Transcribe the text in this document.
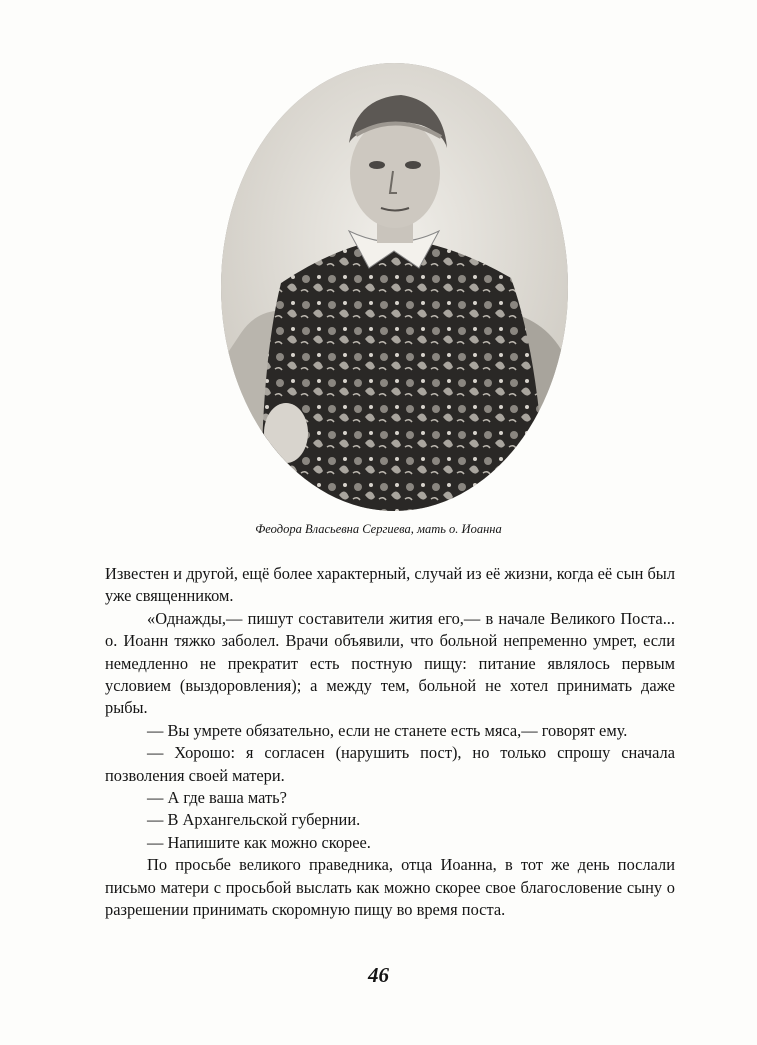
Феодора Власьевна Сергиева, мать о. Иоанна

Известен и другой, ещё более характерный, случай из её жизни, когда её сын был уже священником.

«Однажды,— пишут составители жития его,— в начале Великого Поста... о. Иоанн тяжко заболел. Врачи объявили, что больной непременно умрет, если немедленно не прекратит есть постную пищу: питание являлось первым условием (выздоровления); а между тем, больной не хотел принимать даже рыбы.

— Вы умрете обязательно, если не станете есть мяса,— говорят ему.

— Хорошо: я согласен (нарушить пост), но только спрошу сначала позволения своей матери.

— А где ваша мать?

— В Архангельской губернии.

— Напишите как можно скорее.

По просьбе великого праведника, отца Иоанна, в тот же день послали письмо матери с просьбой выслать как можно скорее свое благословение сыну о разрешении принимать скоромную пищу во время поста.

46
